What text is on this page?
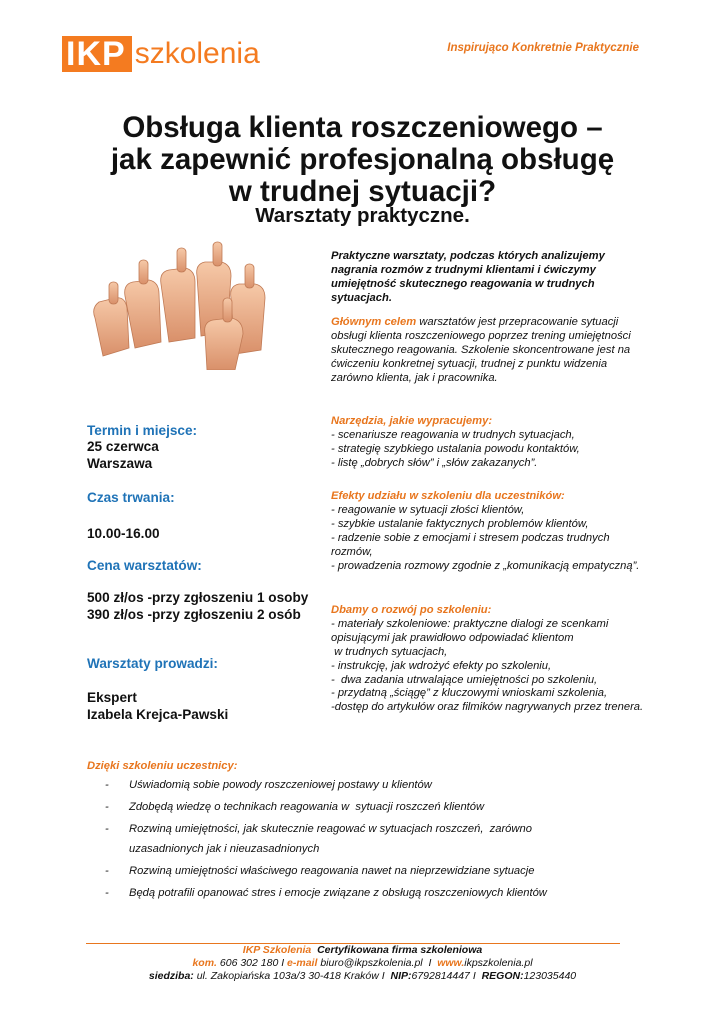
IKP szkolenia	Inspirująco Konkretnie Praktycznie
Obsługa klienta roszczeniowego –
jak zapewnić profesjonalną obsługę
w trudnej sytuacji?
Warsztaty praktyczne.

Praktyczne warsztaty, podczas których analizujemy nagrania rozmów z trudnymi klientami i ćwiczymy umiejętność skutecznego reagowania w trudnych sytuacjach.

Głównym celem warsztatów jest przepracowanie sytuacji obsługi klienta roszczeniowego poprzez trening umiejętności skutecznego reagowania. Szkolenie skoncentrowane jest na ćwiczeniu konkretnej sytuacji, trudnej z punktu widzenia zarówno klienta, jak i pracownika.

Narzędzia, jakie wypracujemy:

- scenariusze reagowania w trudnych sytuacjach,
- strategię szybkiego ustalania powodu kontaktów,
- listę „dobrych słów” i „słów zakazanych”.

Efekty udziału w szkoleniu dla uczestników:

- reagowanie w sytuacji złości klientów,
- szybkie ustalanie faktycznych problemów klientów,
- radzenie sobie z emocjami i stresem podczas trudnych rozmów,
- prowadzenia rozmowy zgodnie z „komunikacją empatyczną”.

Dbamy o rozwój po szkoleniu:

- materiały szkoleniowe: praktyczne dialogi ze scenkami opisującymi jak prawidłowo odpowiadać klientom
w trudnych sytuacjach,
- instrukcję, jak wdrożyć efekty po szkoleniu,
-  dwa zadania utrwalające umiejętności po szkoleniu,
- przydatną „ściągę” z kluczowymi wnioskami szkolenia,
-dostęp do artykułów oraz filmików nagrywanych przez trenera.

Termin i miejsce:

25 czerwca

Warszawa

Czas trwania:

10.00-16.00

Cena warsztatów:

500 zł/os -przy zgłoszeniu 1 osoby

390 zł/os -przy zgłoszeniu 2 osób

Warsztaty prowadzi:

Ekspert

Izabela Krejca-Pawski

Dzięki szkoleniu uczestnicy:
-	Uświadomią sobie powody roszczeniowej postawy u klientów
-	Zdobędą wiedzę o technikach reagowania w  sytuacji roszczeń klientów
-	Rozwiną umiejętności, jak skutecznie reagować w sytuacjach roszczeń,  zarówno
uzasadnionych jak i nieuzasadnionych
-	Rozwiną umiejętności właściwego reagowania nawet na nieprzewidziane sytuacje
-	Będą potrafili opanować stres i emocje związane z obsługą roszczeniowych klientów
IKP Szkolenia  Certyfikowana firma szkoleniowa
kom. 606 302 180 I e-mail biuro@ikpszkolenia.pl  I  www.ikpszkolenia.pl
siedziba: ul. Zakopiańska 103a/3 30-418 Kraków I  NIP:6792814447 I  REGON:123035440
